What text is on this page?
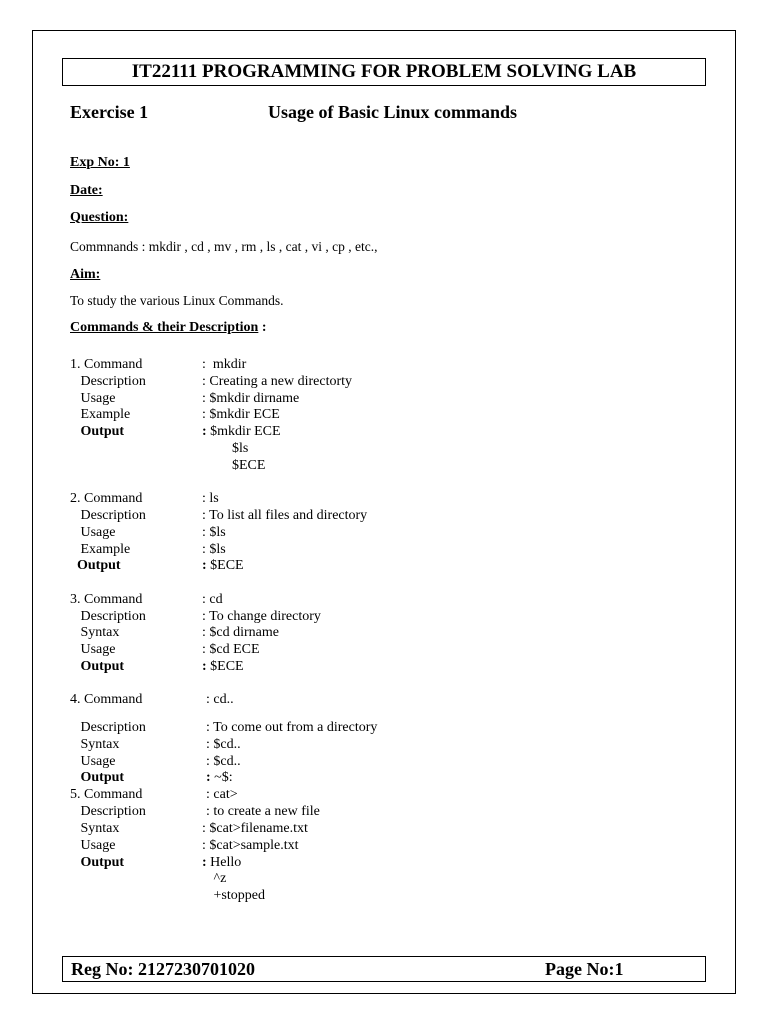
IT22111 PROGRAMMING FOR PROBLEM SOLVING LAB
Exercise 1	Usage of Basic Linux commands
Exp No: 1
Date:
Question:
Commnands : mkdir , cd , mv , rm , ls , cat , vi , cp , etc.,
Aim:
To study the various Linux Commands.
Commands & their Description :
1. Command	:  mkdir
Description	: Creating a new directorty
Usage	: $mkdir dirname
Example	: $mkdir ECE
Output	: $mkdir ECE
$ls
$ECE
2. Command	: ls
Description	: To list all files and directory
Usage	: $ls
Example	: $ls
Output	: $ECE
3. Command	: cd
Description	: To change directory
Syntax	: $cd dirname
Usage	: $cd ECE
Output	: $ECE
4. Command	: cd..
Description	: To come out from a directory
Syntax	: $cd..
Usage	: $cd..
Output	: ~$:
5. Command	: cat>
Description	: to create a new file
Syntax	: $cat>filename.txt
Usage	: $cat>sample.txt
Output	: Hello
^z
+stopped
Reg No: 2127230701020	Page No:1
